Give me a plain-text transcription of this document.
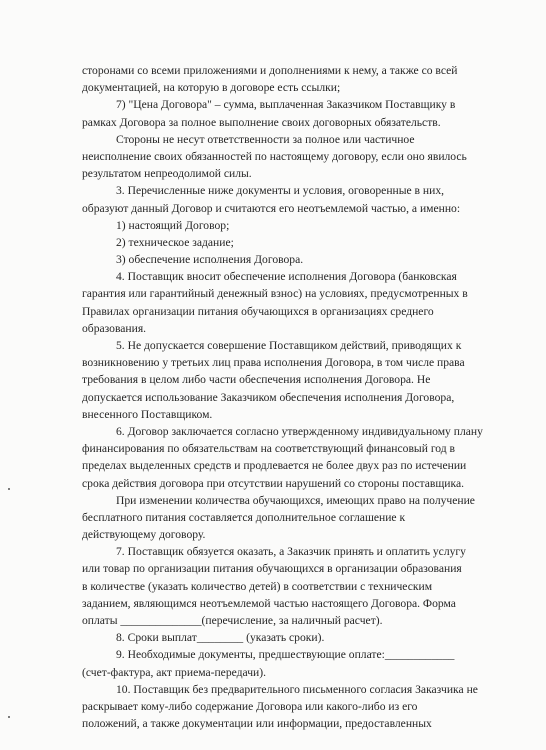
сторонами со всеми приложениями и дополнениями к нему, а также со всей
документацией, на которую в договоре есть ссылки;
7) "Цена Договора" – сумма, выплаченная Заказчиком Поставщику в
рамках Договора за полное выполнение своих договорных обязательств.
Стороны не несут ответственности за полное или частичное
неисполнение своих обязанностей по настоящему договору, если оно явилось
результатом непреодолимой силы.
3. Перечисленные ниже документы и условия, оговоренные в них,
образуют данный Договор и считаются его неотъемлемой частью, а именно:
1) настоящий Договор;
2) техническое задание;
3) обеспечение исполнения Договора.
4. Поставщик вносит обеспечение исполнения Договора (банковская
гарантия или гарантийный денежный взнос) на условиях, предусмотренных в
Правилах организации питания обучающихся в организациях среднего
образования.
5. Не допускается совершение Поставщиком действий, приводящих к
возникновению у третьих лиц права исполнения Договора, в том числе права
требования в целом либо части обеспечения исполнения Договора. Не
допускается использование Заказчиком обеспечения исполнения Договора,
внесенного Поставщиком.
6. Договор заключается согласно утвержденному индивидуальному плану
финансирования по обязательствам на соответствующий финансовый год в
пределах выделенных средств и продлевается не более двух раз по истечении
срока действия договора при отсутствии нарушений со стороны поставщика.
При изменении количества обучающихся, имеющих право на получение
бесплатного питания составляется дополнительное соглашение к
действующему договору.
7. Поставщик обязуется оказать, а Заказчик принять и оплатить услугу
или товар по организации питания обучающихся в организации образования
в количестве (указать количество детей) в соответствии с техническим
заданием, являющимся неотъемлемой частью настоящего Договора. Форма
оплаты ______________(перечисление, за наличный расчет).
8. Сроки выплат________ (указать сроки).
9. Необходимые документы, предшествующие оплате:____________
(счет-фактура, акт приема-передачи).
10. Поставщик без предварительного письменного согласия Заказчика не
раскрывает кому-либо содержание Договора или какого-либо из его
положений, а также документации или информации, предоставленных
